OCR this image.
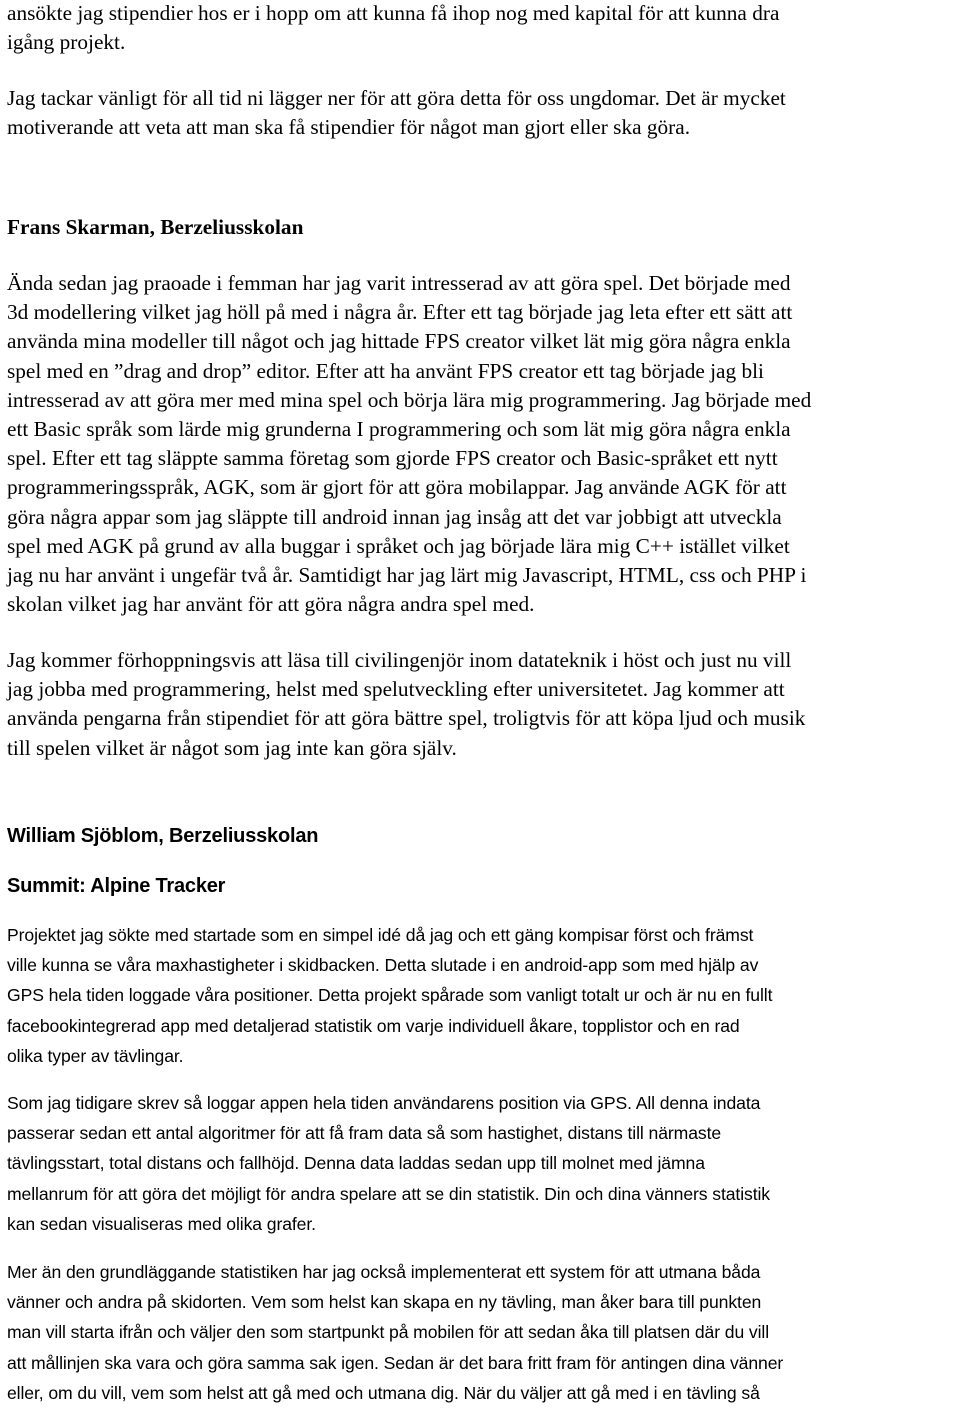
ansökte jag stipendier hos er i hopp om att kunna få ihop nog med kapital för att kunna dra
igång projekt.
Jag tackar vänligt för all tid ni lägger ner för att göra detta för oss ungdomar. Det är mycket
motiverande att veta att man ska få stipendier för något man gjort eller ska göra.
Frans Skarman, Berzeliusskolan
Ända sedan jag praoade i femman har jag varit intresserad av att göra spel. Det började med
3d modellering vilket jag höll på med i några år. Efter ett tag började jag leta efter ett sätt att
använda mina modeller till något och jag hittade FPS creator vilket lät mig göra några enkla
spel med en ”drag and drop” editor. Efter att ha använt FPS creator ett tag började jag bli
intresserad av att göra mer med mina spel och börja lära mig programmering. Jag började med
ett Basic språk som lärde mig grunderna I programmering och som lät mig göra några enkla
spel. Efter ett tag släppte samma företag som gjorde FPS creator och Basic-språket ett nytt
programmeringsspråk, AGK, som är gjort för att göra mobilappar. Jag använde AGK för att
göra några appar som jag släppte till android innan jag insåg att det var jobbigt att utveckla
spel med AGK på grund av alla buggar i språket och jag började lära mig C++ istället vilket
jag nu har använt i ungefär två år. Samtidigt har jag lärt mig Javascript, HTML, css och PHP i
skolan vilket jag har använt för att göra några andra spel med.
Jag kommer förhoppningsvis att läsa till civilingenjör inom datateknik i höst och just nu vill
jag jobba med programmering, helst med spelutveckling efter universitetet. Jag kommer att
använda pengarna från stipendiet för att göra bättre spel, troligtvis för att köpa ljud och musik
till spelen vilket är något som jag inte kan göra själv.
William Sjöblom, Berzeliusskolan
Summit: Alpine Tracker
Projektet jag sökte med startade som en simpel idé då jag och ett gäng kompisar först och främst
ville kunna se våra maxhastigheter i skidbacken. Detta slutade i en android-app som med hjälp av
GPS hela tiden loggade våra positioner. Detta projekt spårade som vanligt totalt ur och är nu en fullt
facebookintegrerad app med detaljerad statistik om varje individuell åkare, topplistor och en rad
olika typer av tävlingar.
Som jag tidigare skrev så loggar appen hela tiden användarens position via GPS. All denna indata
passerar sedan ett antal algoritmer för att få fram data så som hastighet, distans till närmaste
tävlingsstart, total distans och fallhöjd. Denna data laddas sedan upp till molnet med jämna
mellanrum för att göra det möjligt för andra spelare att se din statistik. Din och dina vänners statistik
kan sedan visualiseras med olika grafer.
Mer än den grundläggande statistiken har jag också implementerat ett system för att utmana båda
vänner och andra på skidorten. Vem som helst kan skapa en ny tävling, man åker bara till punkten
man vill starta ifrån och väljer den som startpunkt på mobilen för att sedan åka till platsen där du vill
att mållinjen ska vara och göra samma sak igen. Sedan är det bara fritt fram för antingen dina vänner
eller, om du vill, vem som helst att gå med och utmana dig. När du väljer att gå med i en tävling så
